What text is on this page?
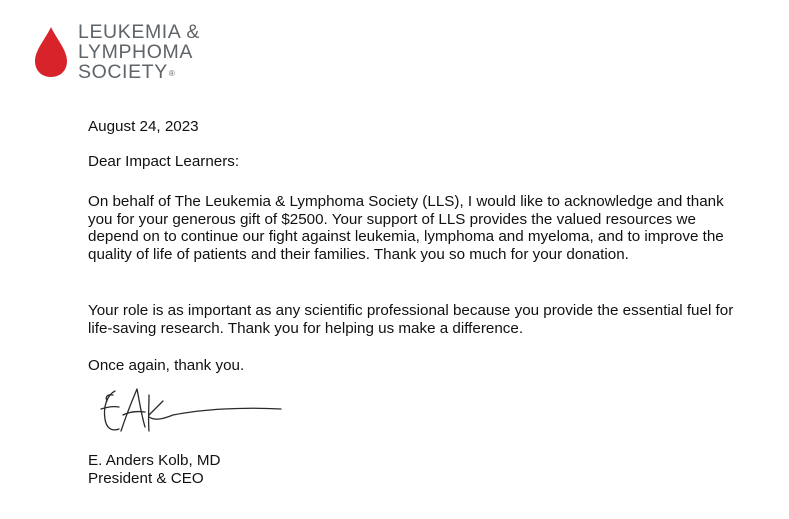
LEUKEMIA &
LYMPHOMA
SOCIETY®

August 24, 2023

Dear Impact Learners:

On behalf of The Leukemia & Lymphoma Society (LLS), I would like to acknowledge and thank you for your generous gift of $2500. Your support of LLS provides the valued resources we depend on to continue our fight against leukemia, lymphoma and myeloma, and to improve the quality of life of patients and their families. Thank you so much for your donation.

Your role is as important as any scientific professional because you provide the essential fuel for life-saving research. Thank you for helping us make a difference.

Once again, thank you.

E. Anders Kolb, MD

President & CEO
